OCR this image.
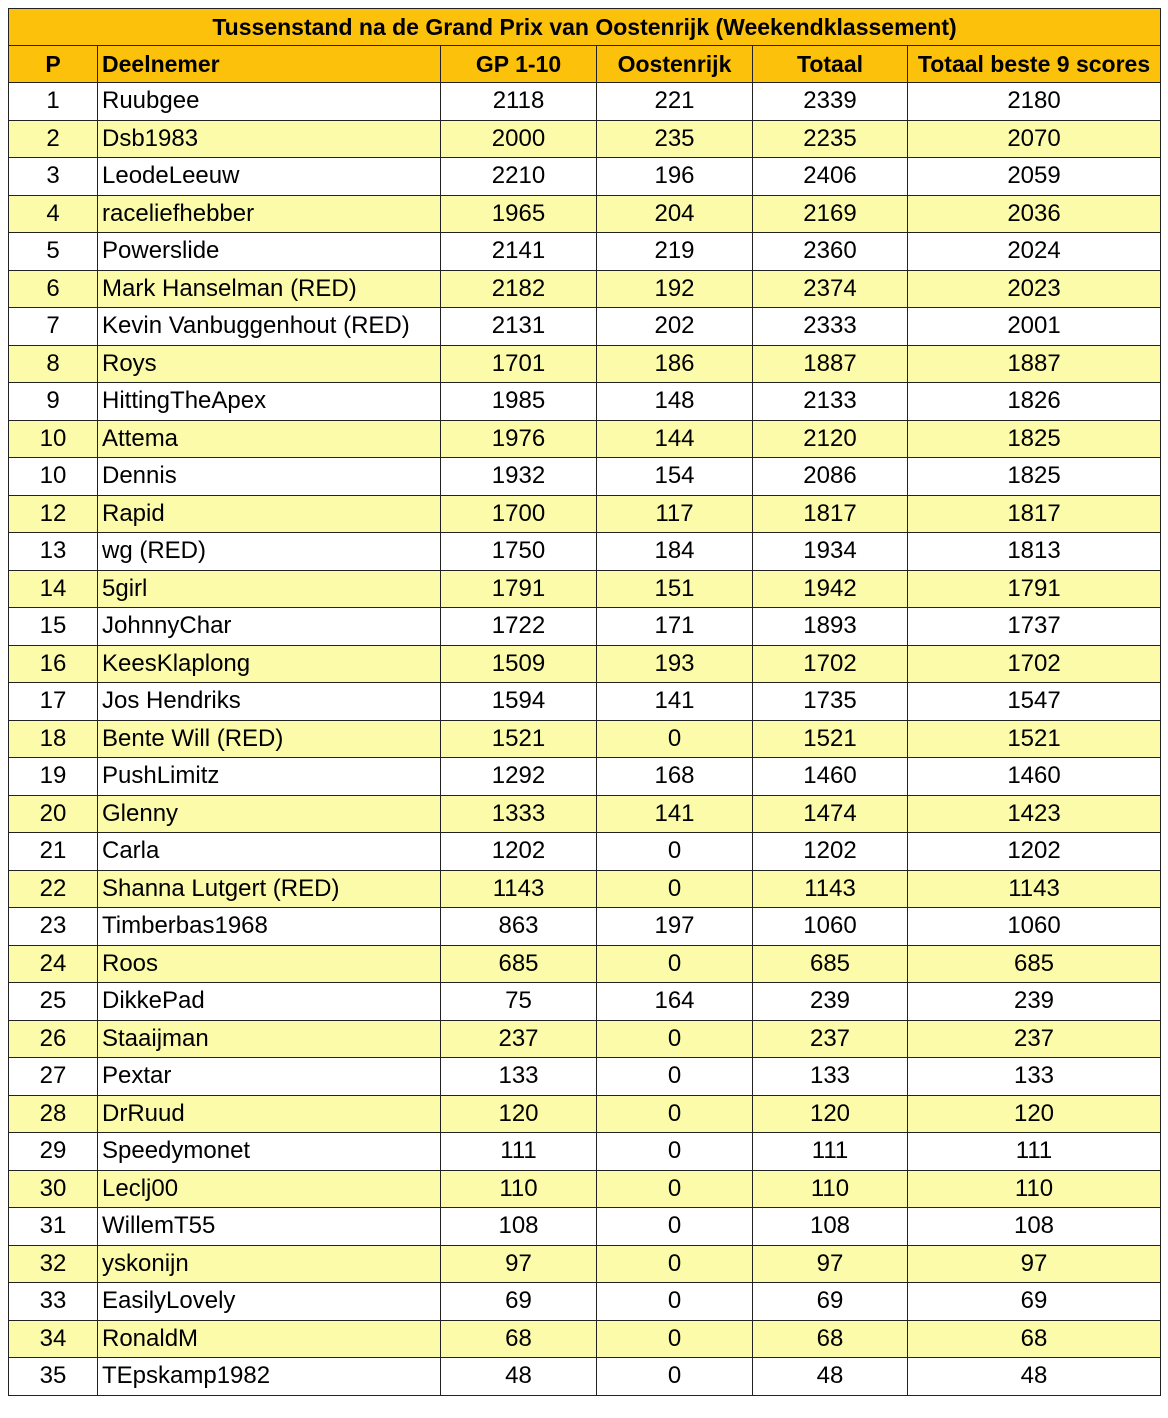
Tussenstand na de Grand Prix van Oostenrijk (Weekendklassement)					
P	Deelnemer	GP 1-10	Oostenrijk	Totaal	Totaal beste 9 scores
1	Ruubgee	2118	221	2339	2180
2	Dsb1983	2000	235	2235	2070
3	LeodeLeeuw	2210	196	2406	2059
4	raceliefhebber	1965	204	2169	2036
5	Powerslide	2141	219	2360	2024
6	Mark Hanselman (RED)	2182	192	2374	2023
7	Kevin Vanbuggenhout (RED)	2131	202	2333	2001
8	Roys	1701	186	1887	1887
9	HittingTheApex	1985	148	2133	1826
10	Attema	1976	144	2120	1825
10	Dennis	1932	154	2086	1825
12	Rapid	1700	117	1817	1817
13	wg (RED)	1750	184	1934	1813
14	5girl	1791	151	1942	1791
15	JohnnyChar	1722	171	1893	1737
16	KeesKlaplong	1509	193	1702	1702
17	Jos Hendriks	1594	141	1735	1547
18	Bente Will (RED)	1521	0	1521	1521
19	PushLimitz	1292	168	1460	1460
20	Glenny	1333	141	1474	1423
21	Carla	1202	0	1202	1202
22	Shanna Lutgert (RED)	1143	0	1143	1143
23	Timberbas1968	863	197	1060	1060
24	Roos	685	0	685	685
25	DikkePad	75	164	239	239
26	Staaijman	237	0	237	237
27	Pextar	133	0	133	133
28	DrRuud	120	0	120	120
29	Speedymonet	111	0	111	111
30	Leclj00	110	0	110	110
31	WillemT55	108	0	108	108
32	yskonijn	97	0	97	97
33	EasilyLovely	69	0	69	69
34	RonaldM	68	0	68	68
35	TEpskamp1982	48	0	48	48
